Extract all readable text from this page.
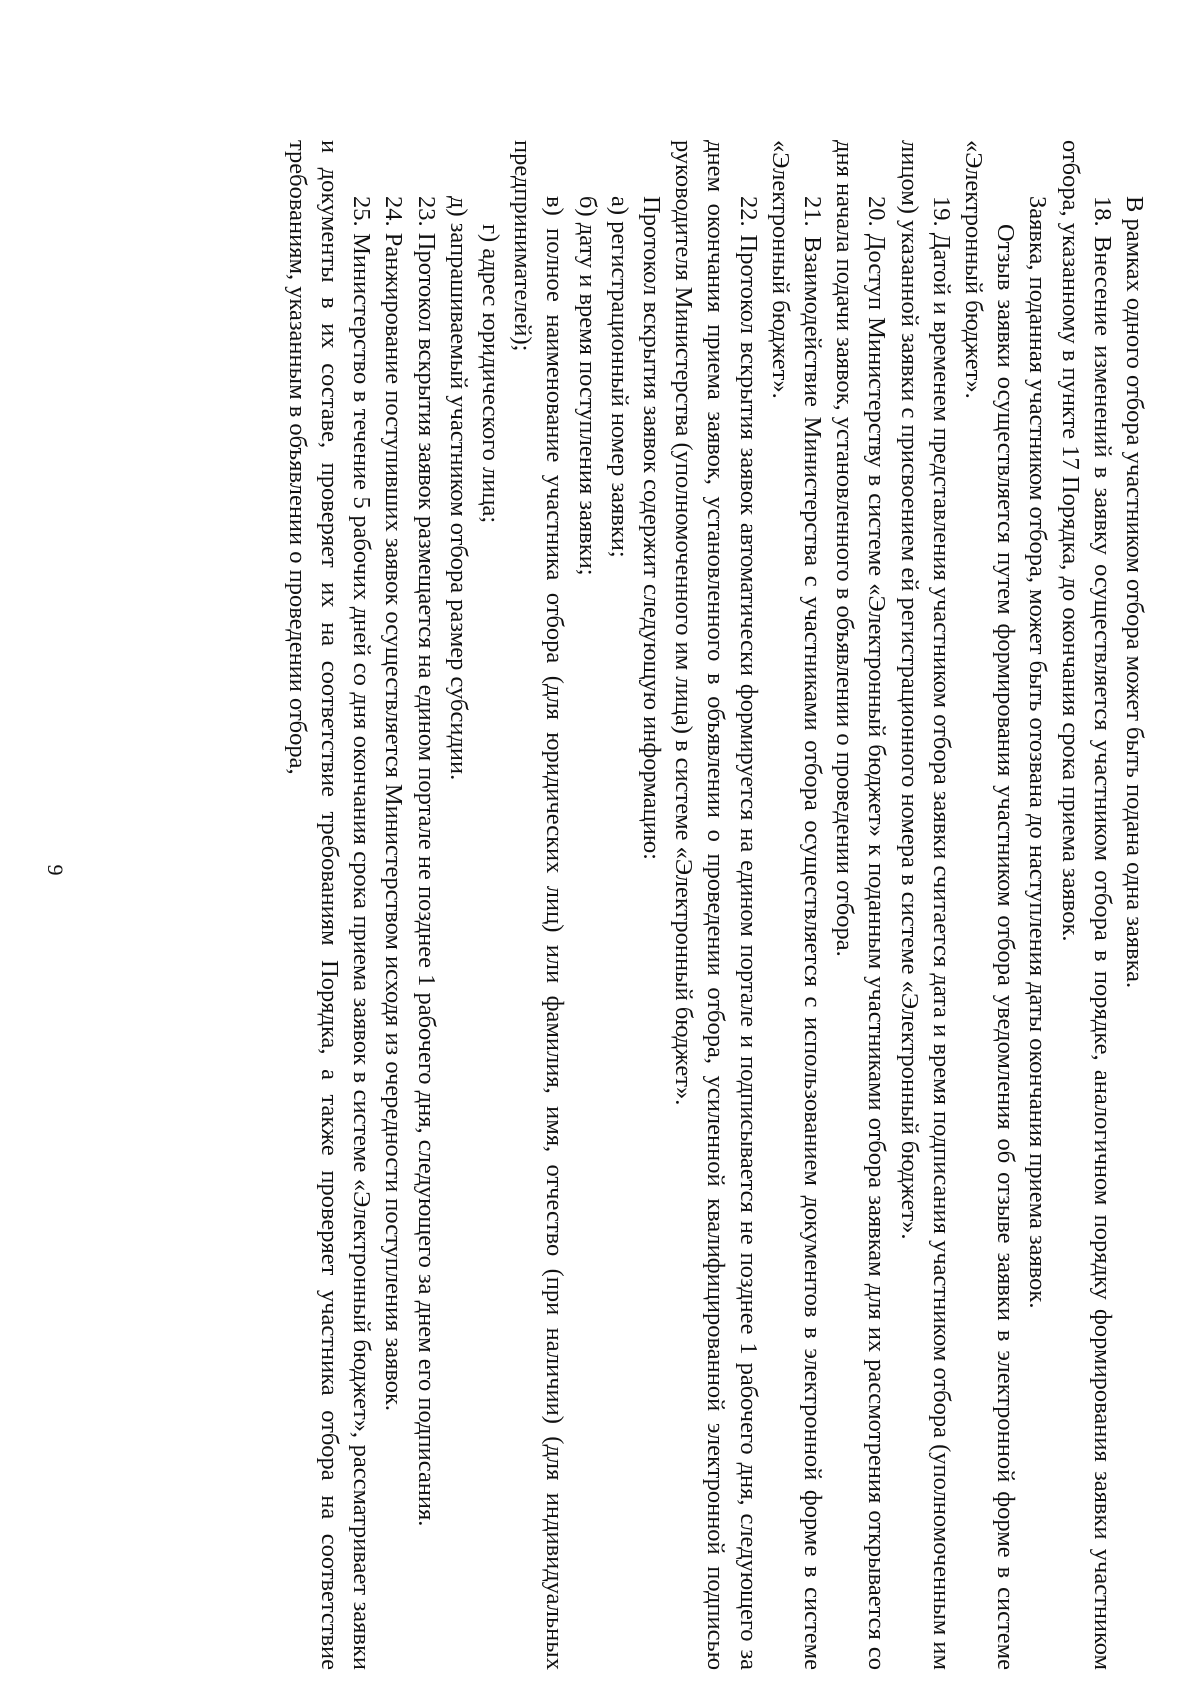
9	В рамках одного отбора участником отбора может быть подана одна заявка.

18. Внесение изменений в заявку осуществляется участником отбора в порядке, аналогичном порядку формирования заявки участником отбора, указанному в пункте 17 Порядка, до окончания срока приема заявок.

Заявка, поданная участником отбора, может быть отозвана до наступления даты окончания приема заявок.

Отзыв заявки осуществляется путем формирования участником отбора уведомления об отзыве заявки в электронной форме в системе «Электронный бюджет».

19. Датой и временем представления участником отбора заявки считается дата и время подписания участником отбора (уполномоченным им лицом) указанной заявки с присвоением ей регистрационного номера в системе «Электронный бюджет».

20. Доступ Министерству в системе «Электронный бюджет» к поданным участниками отбора заявкам для их рассмотрения открывается со дня начала подачи заявок, установленного в объявлении о проведении отбора.

21. Взаимодействие Министерства с участниками отбора осуществляется с использованием документов в электронной форме в системе «Электронный бюджет».

22. Протокол вскрытия заявок автоматически формируется на едином портале и подписывается не позднее 1 рабочего дня, следующего за днем окончания приема заявок, установленного в объявлении о проведении отбора, усиленной квалифицированной электронной подписью руководителя Министерства (уполномоченного им лица) в системе «Электронный бюджет».

Протокол вскрытия заявок содержит следующую информацию:

а) регистрационный номер заявки;

б) дату и время поступления заявки;

в) полное наименование участника отбора (для юридических лиц) или фамилия, имя, отчество (при наличии) (для индивидуальных предпринимателей);

г) адрес юридического лица;

д) запрашиваемый участником отбора размер субсидии.

23. Протокол вскрытия заявок размещается на едином портале не позднее 1 рабочего дня, следующего за днем его подписания.

24. Ранжирование поступивших заявок осуществляется Министерством исходя из очередности поступления заявок.

25. Министерство в течение 5 рабочих дней со дня окончания срока приема заявок в системе «Электронный бюджет», рассматривает заявки и документы в их составе, проверяет их на соответствие требованиям Порядка, а также проверяет участника отбора на соответствие требованиям, указанным в объявлении о проведении отбора,
